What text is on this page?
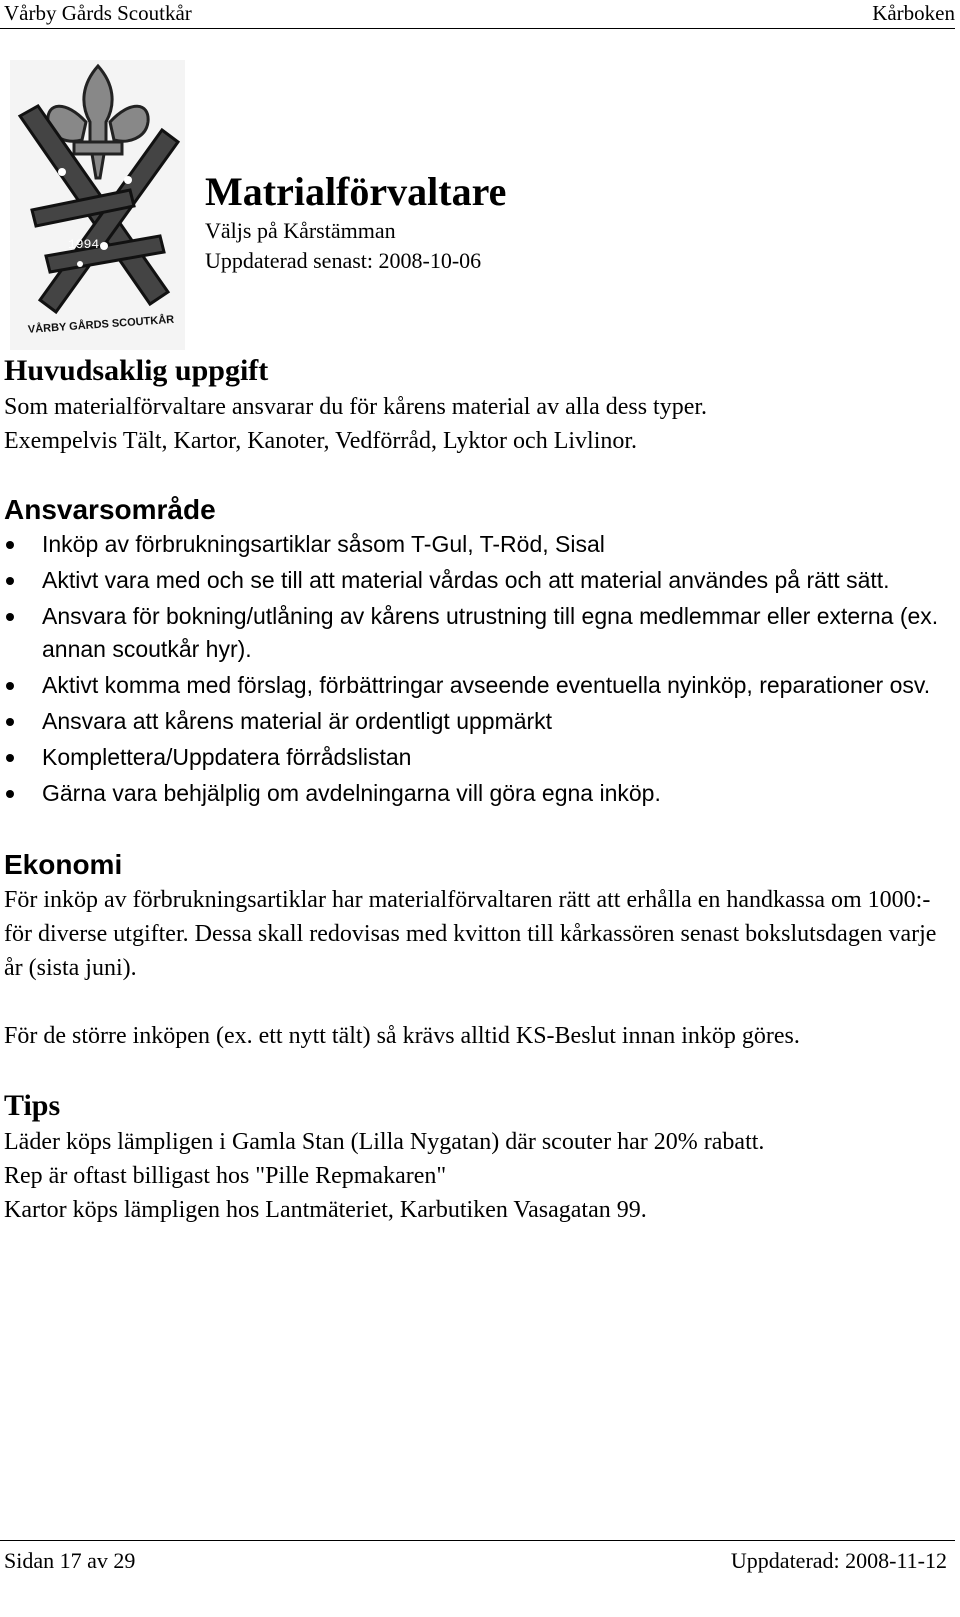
Vårby Gårds Scoutkår	Kårboken
1994
VÅRBY GÅRDS SCOUTKÅR
Matrialförvaltare
Väljs på Kårstämman
Uppdaterad senast: 2008-10-06
Huvudsaklig uppgift

Som materialförvaltare ansvarar du för kårens material av alla dess typer.

Exempelvis Tält, Kartor, Kanoter, Vedförråd, Lyktor och Livlinor.

Ansvarsområde
Inköp av förbrukningsartiklar såsom T-Gul, T-Röd, Sisal
Aktivt vara med och se till att material vårdas och att material användes på rätt sätt.
Ansvara för bokning/utlåning av kårens utrustning till egna medlemmar eller externa (ex. annan scoutkår hyr).
Aktivt komma med förslag, förbättringar avseende eventuella nyinköp, reparationer osv.
Ansvara att kårens material är ordentligt uppmärkt
Komplettera/Uppdatera förrådslistan
Gärna vara behjälplig om avdelningarna vill göra egna inköp.
Ekonomi

För inköp av förbrukningsartiklar har materialförvaltaren rätt att erhålla en handkassa om 1000:- för diverse utgifter. Dessa skall redovisas med kvitton till kårkassören senast bokslutsdagen varje år (sista juni).

För de större inköpen (ex. ett nytt tält) så krävs alltid KS-Beslut innan inköp göres.

Tips

Läder köps lämpligen i Gamla Stan (Lilla Nygatan) där scouter har 20% rabatt.

Rep är oftast billigast hos "Pille Repmakaren"

Kartor köps lämpligen hos Lantmäteriet, Karbutiken Vasagatan 99.

Sidan 17 av 29	Uppdaterad: 2008-11-12
